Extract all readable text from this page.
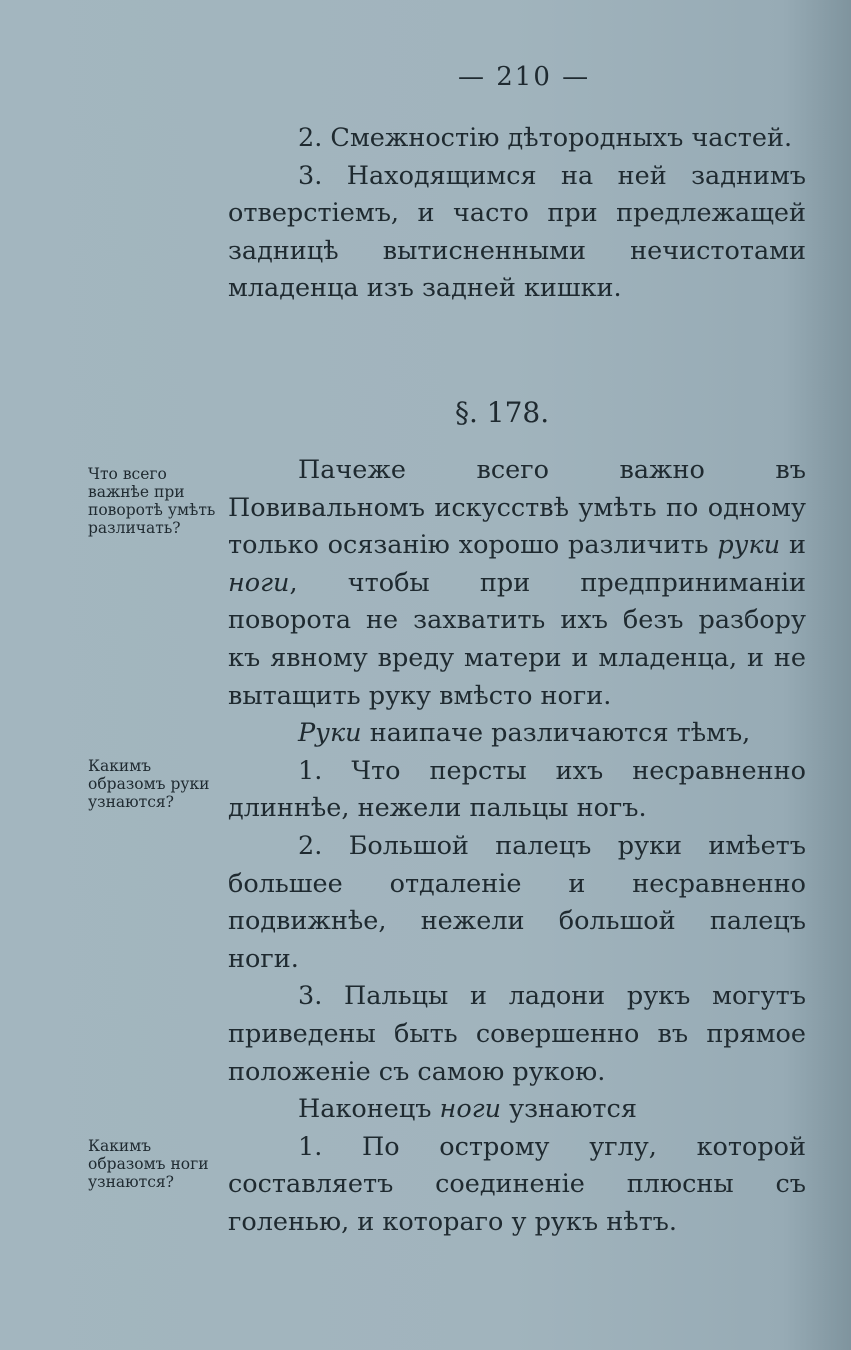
— 210 —

2. Смежностію дѣтородныхъ частей.

3. Находящимся на ней заднимъ отверстіемъ, и часто при предлежащей задницѣ вытисненными нечистотами младенца изъ задней кишки.

§. 178.
Что всего важнѣе при поворотѣ умѣть различать?
Какимъ образомъ руки узнаются?
Какимъ образомъ ноги узнаются?

Пачеже всего важно въ Повивальномъ искусствѣ умѣть по одному только осязанію хорошо различить руки и ноги, чтобы при предприниманіи поворота не захватить ихъ безъ разбору къ явному вреду матери и младенца, и не вытащить руку вмѣсто ноги.

Руки наипаче различаются тѣмъ,

1. Что персты ихъ несравненно длиннѣе, нежели пальцы ногъ.

2. Большой палецъ руки имѣетъ большее отдаленіе и несравненно подвижнѣе, нежели большой палецъ ноги.

3. Пальцы и ладони рукъ могутъ приведены быть совершенно въ прямое положеніе съ самою рукою.

Наконецъ ноги узнаются

1. По острому углу, которой составляетъ соединеніе плюсны съ голенью, и котораго у рукъ нѣтъ.
